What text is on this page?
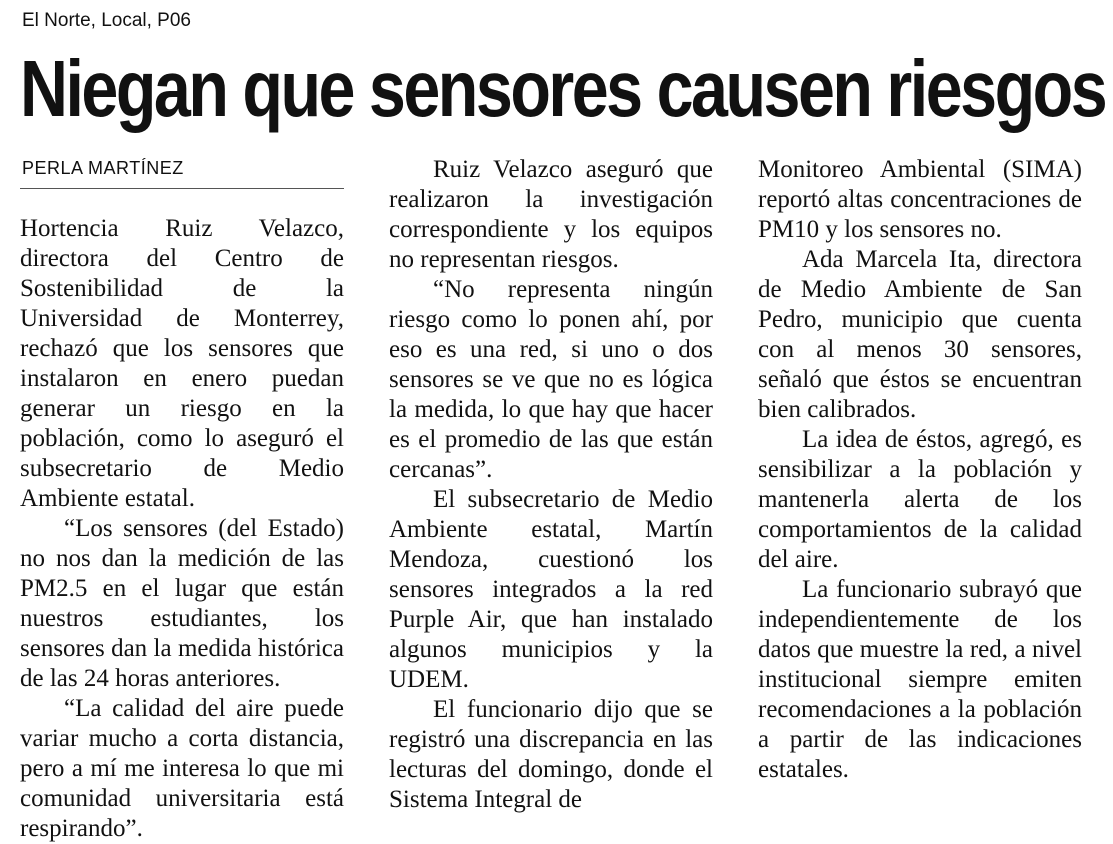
El Norte, Local, P06
Niegan que sensores causen riesgos
PERLA MARTÍNEZ

Hortencia Ruiz Velazco, directora del Centro de Sostenibilidad de la Universidad de Monterrey, rechazó que los sensores que instalaron en enero puedan generar un riesgo en la población, como lo aseguró el subsecretario de Medio Ambiente estatal.

“Los sensores (del Estado) no nos dan la medición de las PM2.5 en el lugar que están nuestros estudiantes, los sensores dan la medida histórica de las 24 horas anteriores.

“La calidad del aire puede variar mucho a corta distancia, pero a mí me interesa lo que mi comunidad universitaria está respirando”.

Ruiz Velazco aseguró que realizaron la investigación correspondiente y los equipos no representan riesgos.

“No representa ningún riesgo como lo ponen ahí, por eso es una red, si uno o dos sensores se ve que no es lógica la medida, lo que hay que hacer es el promedio de las que están cercanas”.

El subsecretario de Medio Ambiente estatal, Martín Mendoza, cuestionó los sensores integrados a la red Purple Air, que han instalado algunos municipios y la UDEM.

El funcionario dijo que se registró una discrepancia en las lecturas del domingo, donde el Sistema Integral de

Monitoreo Ambiental (SIMA) reportó altas concentraciones de PM10 y los sensores no.

Ada Marcela Ita, directora de Medio Ambiente de San Pedro, municipio que cuenta con al menos 30 sensores, señaló que éstos se encuentran bien calibrados.

La idea de éstos, agregó, es sensibilizar a la población y mantenerla alerta de los comportamientos de la calidad del aire.

La funcionario subrayó que independientemente de los datos que muestre la red, a nivel institucional siempre emiten recomendaciones a la población a partir de las indicaciones estatales.
